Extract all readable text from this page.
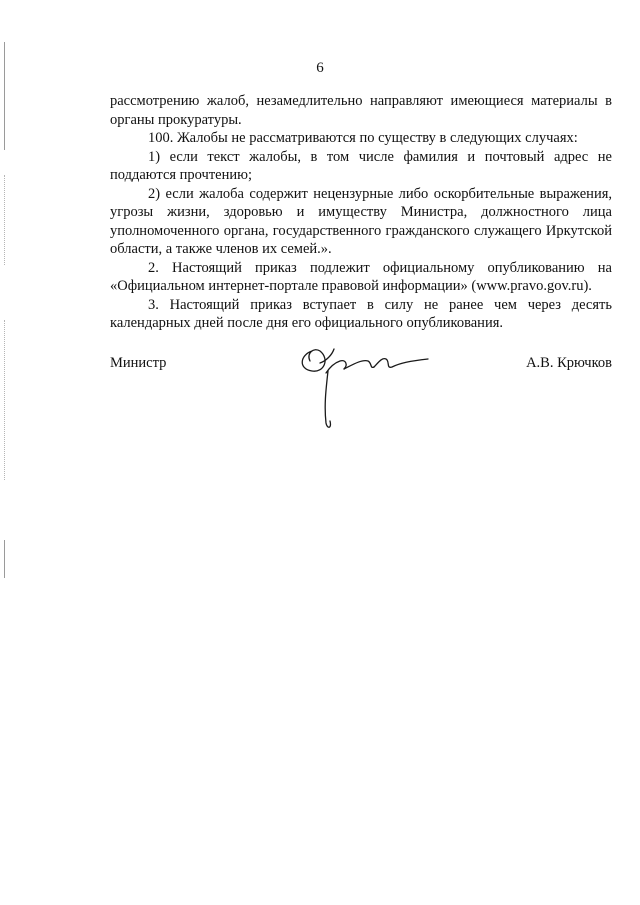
6

рассмотрению жалоб, незамедлительно направляют имеющиеся материалы в органы прокуратуры.

100. Жалобы не рассматриваются по существу в следующих случаях:

1) если текст жалобы, в том числе фамилия и почтовый адрес не поддаются прочтению;

2) если жалоба содержит нецензурные либо оскорбительные выражения, угрозы жизни, здоровью и имуществу Министра, должностного лица уполномоченного органа, государственного гражданского служащего Иркутской области, а также членов их семей.».

2. Настоящий приказ подлежит официальному опубликованию на «Официальном интернет-портале правовой информации» (www.pravo.gov.ru).

3. Настоящий приказ вступает в силу не ранее чем через десять календарных дней после дня его официального опубликования.

Министр	А.В. Крючков
